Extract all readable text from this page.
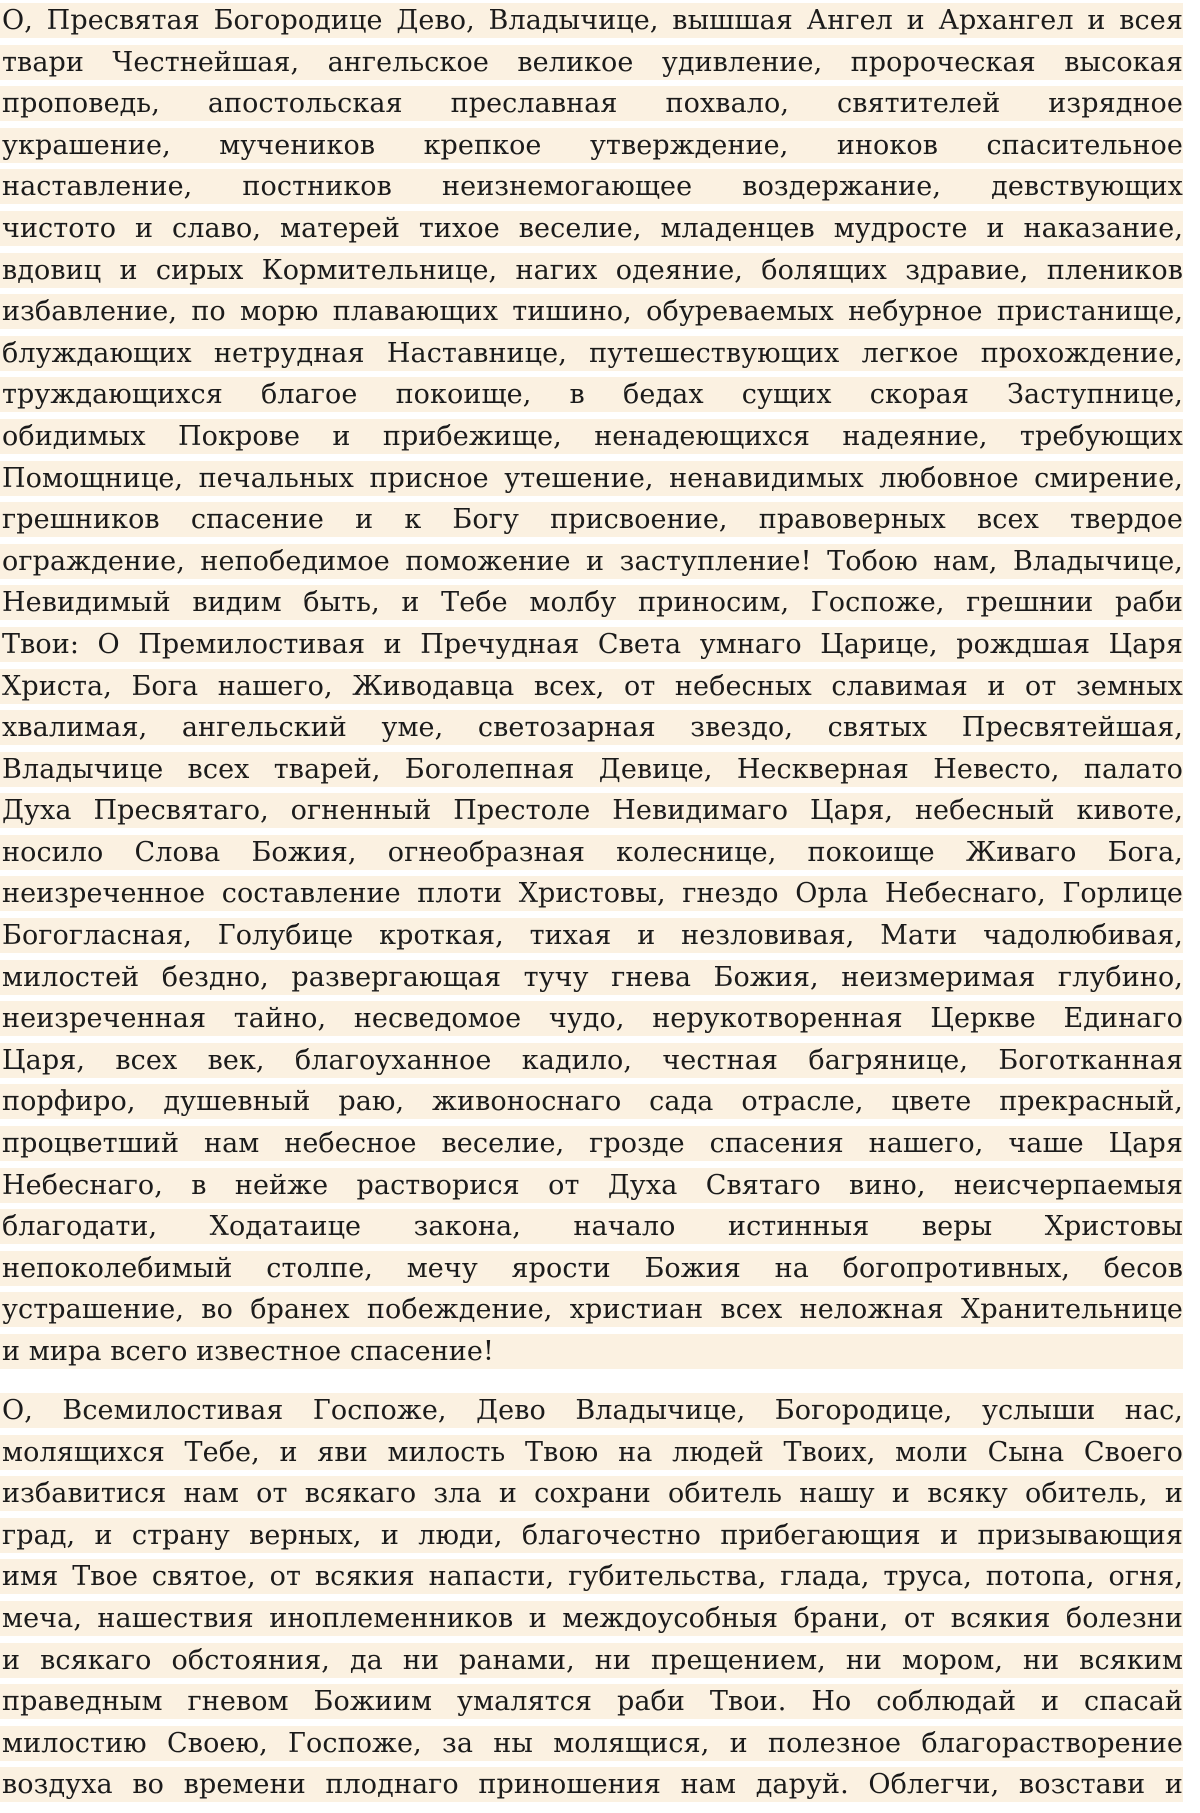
О, Пресвятая Богородице Дево, Владычице, вышшая Ангел и Архангел и всея
твари Честнейшая, ангельское великое удивление, пророческая высокая
проповедь, апостольская преславная похвало, святителей изрядное
украшение, мучеников крепкое утверждение, иноков спасительное
наставление, постников неизнемогающее воздержание, девствующих
чистото и славо, матерей тихое веселие, младенцев мудросте и наказание,
вдовиц и сирых Кормительнице, нагих одеяние, болящих здравие, плеников
избавление, по морю плавающих тишино, обуреваемых небурное пристанище,
блуждающих нетрудная Наставнице, путешествующих легкое прохождение,
труждающихся благое покоище, в бедах сущих скорая Заступнице,
обидимых Покрове и прибежище, ненадеющихся надеяние, требующих
Помощнице, печальных присное утешение, ненавидимых любовное смирение,
грешников спасение и к Богу присвоение, правоверных всех твердое
ограждение, непобедимое поможение и заступление! Тобою нам, Владычице,
Невидимый видим быть, и Тебе молбу приносим, Госпоже, грешнии раби
Твои: О Премилостивая и Пречудная Света умнаго Царице, рождшая Царя
Христа, Бога нашего, Живодавца всех, от небесных славимая и от земных
хвалимая, ангельский уме, светозарная звездо, святых Пресвятейшая,
Владычице всех тварей, Боголепная Девице, Нескверная Невесто, палато
Духа Пресвятаго, огненный Престоле Невидимаго Царя, небесный кивоте,
носило Слова Божия, огнеобразная колеснице, покоище Живаго Бога,
неизреченное составление плоти Христовы, гнездо Орла Небеснаго, Горлице
Богогласная, Голубице кроткая, тихая и незловивая, Мати чадолюбивая,
милостей бездно, развергающая тучу гнева Божия, неизмеримая глубино,
неизреченная тайно, несведомое чудо, нерукотворенная Церкве Единаго
Царя, всех век, благоуханное кадило, честная багрянице, Боготканная
порфиро, душевный раю, живоноснаго сада отрасле, цвете прекрасный,
процветший нам небесное веселие, грозде спасения нашего, чаше Царя
Небеснаго, в нейже растворися от Духа Святаго вино, неисчерпаемыя
благодати, Ходатаице закона, начало истинныя веры Христовы
непоколебимый столпе, мечу ярости Божия на богопротивных, бесов
устрашение, во бранех побеждение, христиан всех неложная Хранительнице
и мира всего известное спасение!
О, Всемилостивая Госпоже, Дево Владычице, Богородице, услыши нас,
молящихся Тебе, и яви милость Твою на людей Твоих, моли Сына Своего
избавитися нам от всякаго зла и сохрани обитель нашу и всяку обитель, и
град, и страну верных, и люди, благочестно прибегающия и призывающия
имя Твое святое, от всякия напасти, губительства, глада, труса, потопа, огня,
меча, нашествия иноплеменников и междоусобныя брани, от всякия болезни
и всякаго обстояния, да ни ранами, ни прещением, ни мором, ни всяким
праведным гневом Божиим умалятся раби Твои. Но соблюдай и спасай
милостию Своею, Госпоже, за ны молящися, и полезное благорастворение
воздуха во времени плоднаго приношения нам даруй. Облегчи, возстави и
